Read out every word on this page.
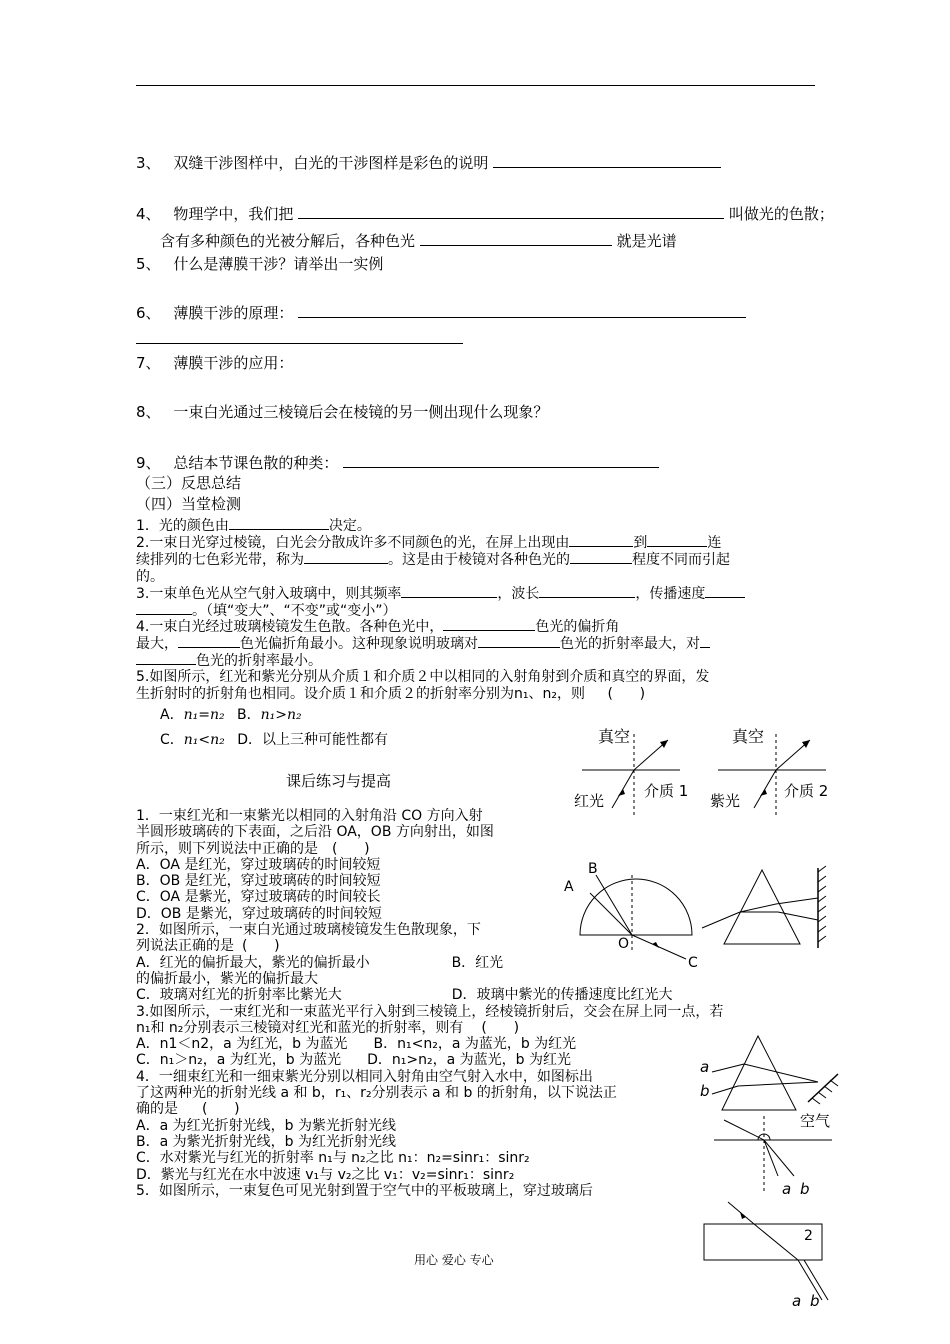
3、 双缝干涉图样中，白光的干涉图样是彩色的说明
4、 物理学中，我们把	叫做光的色散；
含有多种颜色的光被分解后，各种色光	就是光谱
5、 什么是薄膜干涉？请举出一实例
6、 薄膜干涉的原理：
7、 薄膜干涉的应用：
8、 一束白光通过三棱镜后会在棱镜的另一侧出现什么现象？
9、 总结本节课色散的种类：
（三）反思总结
（四）当堂检测
1．光的颜色由	决定。
2.一束日光穿过棱镜，白光会分散成许多不同颜色的光，在屏上出现由	到	连
续排列的七色彩光带，称为	。这是由于棱镜对各种色光的	程度不同而引起
的。
3.一束单色光从空气射入玻璃中，则其频率	，波长	，传播速度
。（填“变大”、“不变”或“变小”）
4.一束白光经过玻璃棱镜发生色散。各种色光中，	色光的偏折角
最大，	色光偏折角最小。这种现象说明玻璃对	色光的折射率最大，对
色光的折射率最小。
5.如图所示，红光和紫光分别从介质１和介质２中以相同的入射角射到介质和真空的界面，发
生折射时的折射角也相同。设介质１和介质２的折射率分别为n₁、n₂，则 (      )
A．n₁=n₂ B．n₁>n₂
C．n₁<n₂ D．以上三种可能性都有
课后练习与提高
1．一束红光和一束紫光以相同的入射角沿 CO 方向入射
半圆形玻璃砖的下表面，之后沿 OA，OB 方向射出，如图
所示，则下列说法中正确的是 (      )
A．OA 是红光，穿过玻璃砖的时间较短
B．OB 是红光，穿过玻璃砖的时间较短
C．OA 是紫光，穿过玻璃砖的时间较长
D．OB 是紫光，穿过玻璃砖的时间较短
2．如图所示，一束白光通过玻璃棱镜发生色散现象，下
列说法正确的是 (      )
A．红光的偏折最大，紫光的偏折最小	B．红光
的偏折最小，紫光的偏折最大
C．玻璃对红光的折射率比紫光大	D．玻璃中紫光的传播速度比红光大
3.如图所示，一束红光和一束蓝光平行入射到三棱镜上，经棱镜折射后，交会在屏上同一点，若
n₁和 n₂分别表示三棱镜对红光和蓝光的折射率，则有 (      )
A．n1＜n2，a 为红光，b 为蓝光 B．n₁<n₂，a 为蓝光，b 为红光
C．n₁＞n₂，a 为红光，b 为蓝光 D．n₁>n₂，a 为蓝光，b 为红光
4．一细束红光和一细束紫光分别以相同入射角由空气射入水中，如图标出
了这两种光的折射光线 a 和 b，r₁、r₂分别表示 a 和 b 的折射角，以下说法正
确的是 (      )
A．a 为红光折射光线，b 为紫光折射光线
B．a 为紫光折射光线，b 为红光折射光线
C．水对紫光与红光的折射率 n₁与 n₂之比 n₁：n₂=sinr₁：sinr₂
D．紫光与红光在水中波速 v₁与 v₂之比 v₁：v₂=sinr₁：sinr₂
5．如图所示，一束复色可见光射到置于空气中的平板玻璃上，穿过玻璃后
真空
介质 1
红光
真空
介质 2
紫光
A
B
C
O
a
b
空气
a b
2
a b
用心 爱心 专心
